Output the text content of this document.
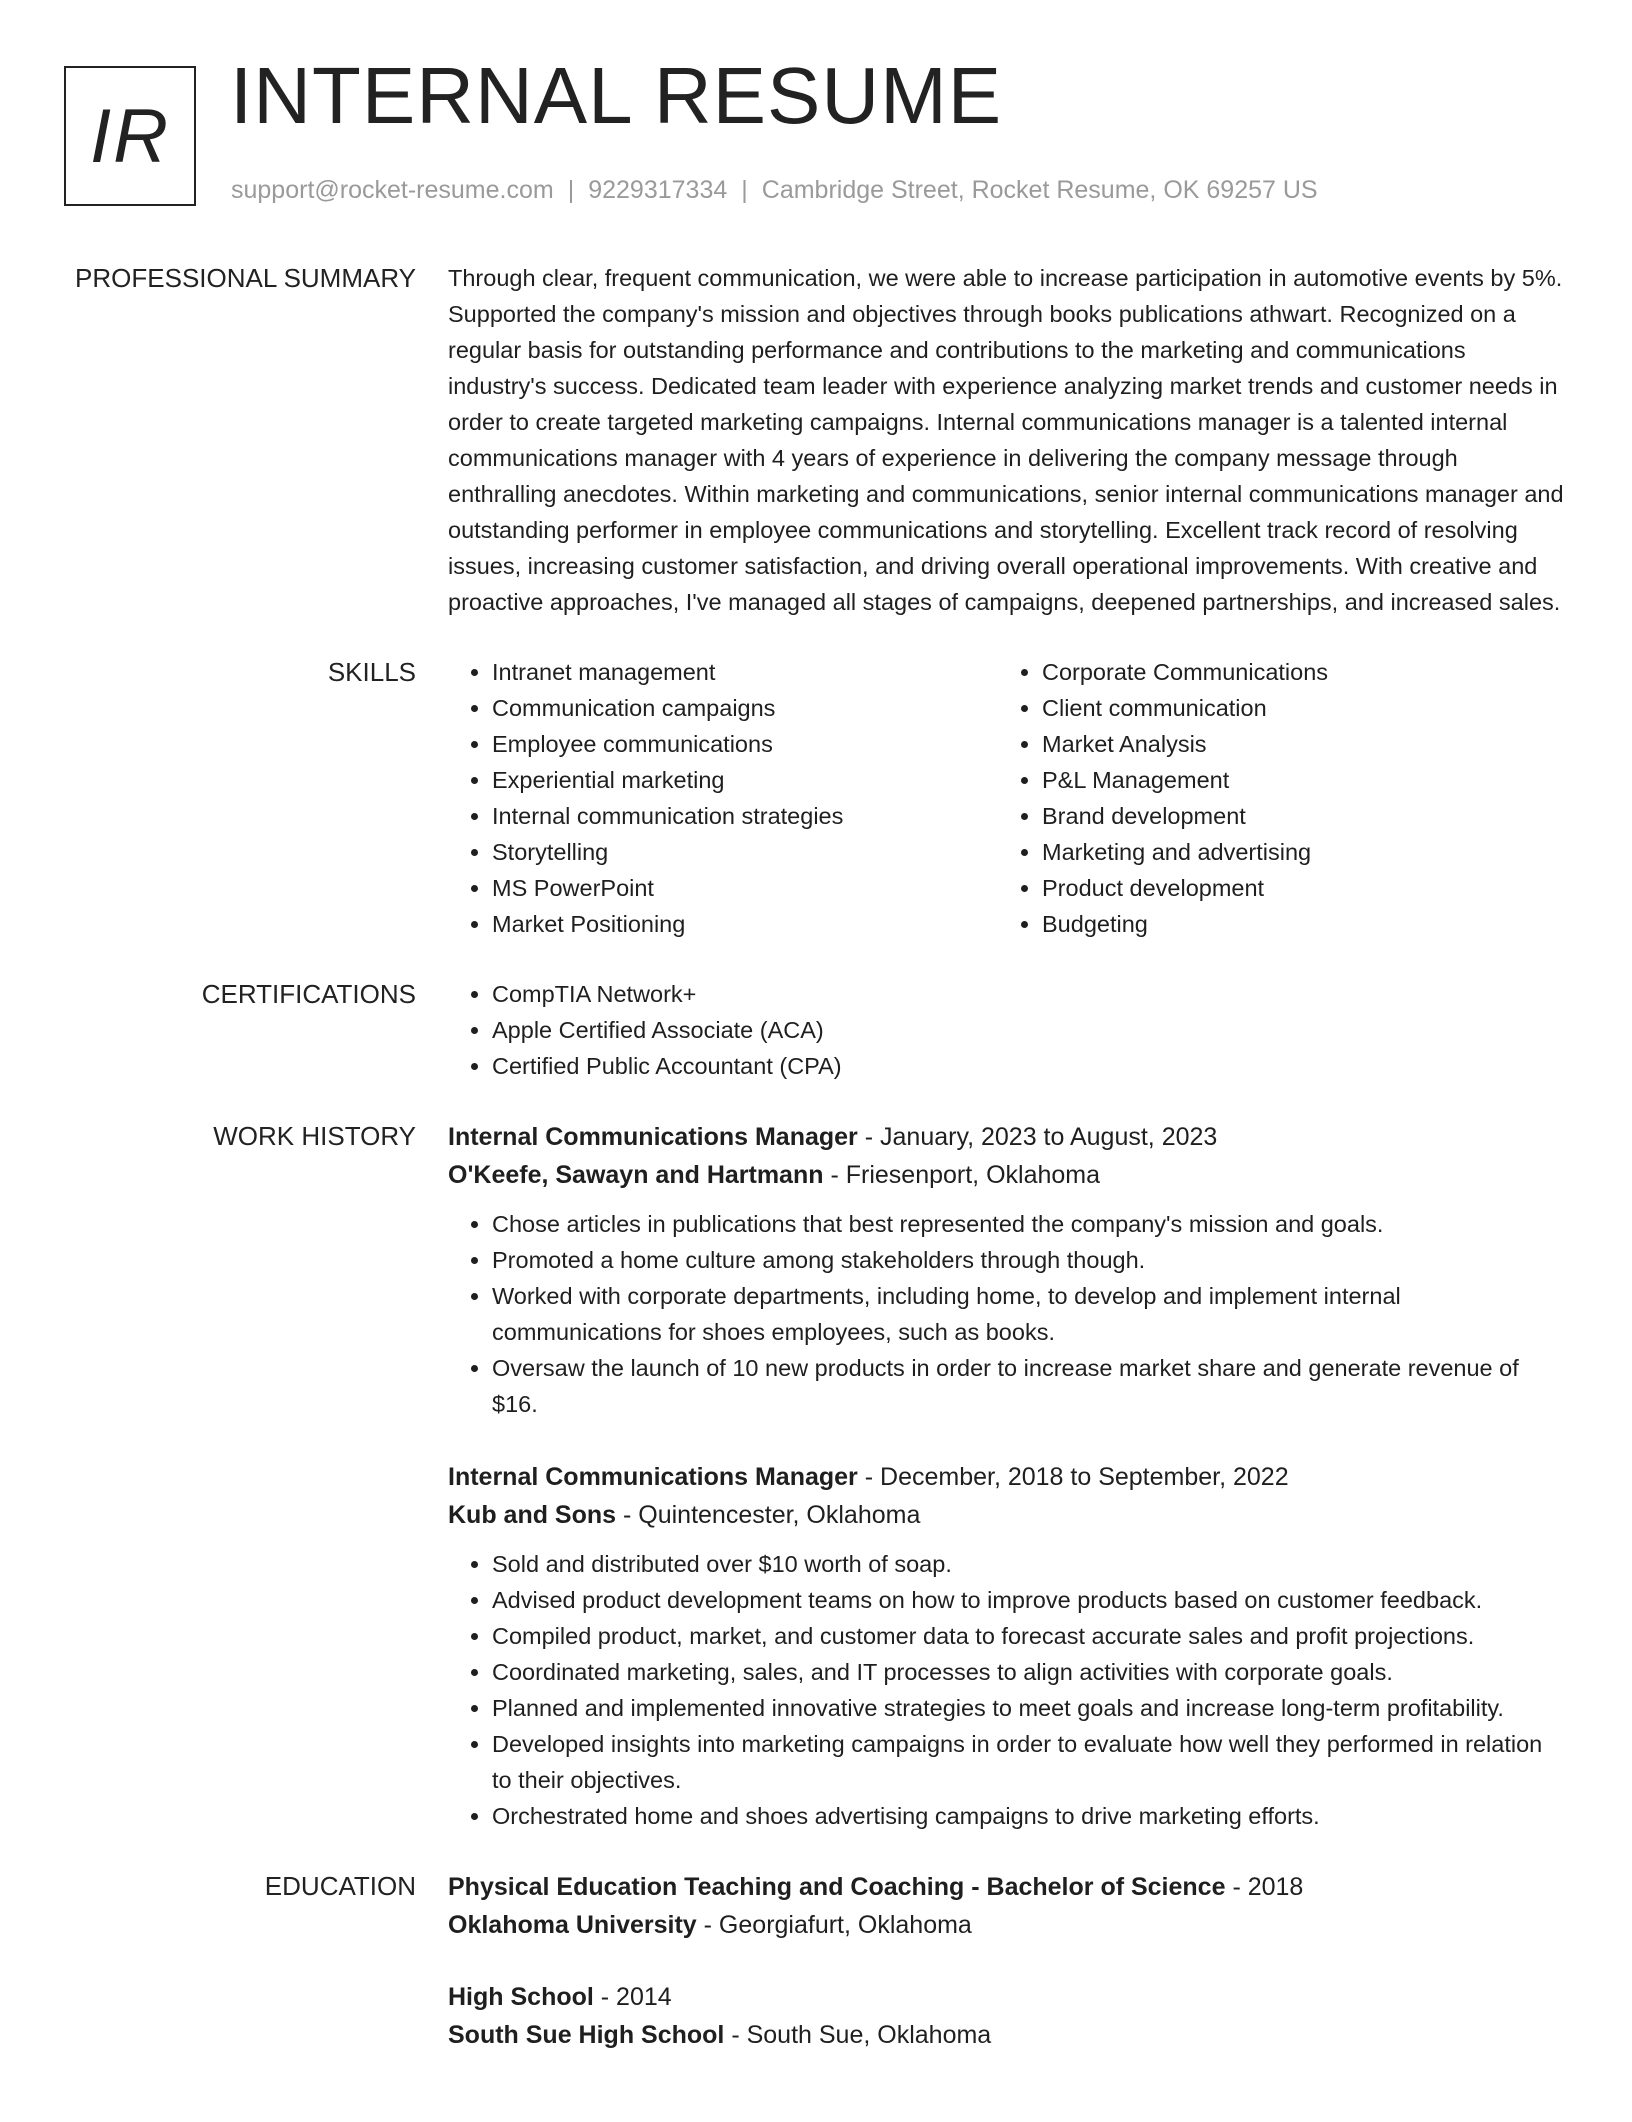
IR INTERNAL RESUME
support@rocket-resume.com | 9229317334 | Cambridge Street, Rocket Resume, OK 69257 US
PROFESSIONAL SUMMARY Through clear, frequent communication, we were able to increase participation in automotive events by 5%. Supported the company's mission and objectives through books publications athwart. Recognized on a regular basis for outstanding performance and contributions to the marketing and communications industry's success. Dedicated team leader with experience analyzing market trends and customer needs in order to create targeted marketing campaigns. Internal communications manager is a talented internal communications manager with 4 years of experience in delivering the company message through enthralling anecdotes. Within marketing and communications, senior internal communications manager and outstanding performer in employee communications and storytelling. Excellent track record of resolving issues, increasing customer satisfaction, and driving overall operational improvements. With creative and proactive approaches, I've managed all stages of campaigns, deepened partnerships, and increased sales.

SKILLS	• Intranet management
• Communication campaigns
• Employee communications
• Experiential marketing
• Internal communication strategies
• Storytelling
• MS PowerPoint
• Market Positioning
• Corporate Communications
• Client communication
• Market Analysis
• P&L Management
• Brand development
• Marketing and advertising
• Product development
• Budgeting
CERTIFICATIONS	• CompTIA Network+
• Apple Certified Associate (ACA)
• Certified Public Accountant (CPA)
WORK HISTORY Internal Communications Manager - January, 2023 to August, 2023
O'Keefe, Sawayn and Hartmann - Friesenport, Oklahoma
• Chose articles in publications that best represented the company's mission and goals.
• Promoted a home culture among stakeholders through though.
• Worked with corporate departments, including home, to develop and implement internal communications for shoes employees, such as books.
• Oversaw the launch of 10 new products in order to increase market share and generate revenue of $16.
Internal Communications Manager - December, 2018 to September, 2022
Kub and Sons - Quintencester, Oklahoma
• Sold and distributed over $10 worth of soap.
• Advised product development teams on how to improve products based on customer feedback.
• Compiled product, market, and customer data to forecast accurate sales and profit projections.
• Coordinated marketing, sales, and IT processes to align activities with corporate goals.
• Planned and implemented innovative strategies to meet goals and increase long-term profitability.
• Developed insights into marketing campaigns in order to evaluate how well they performed in relation to their objectives.
• Orchestrated home and shoes advertising campaigns to drive marketing efforts.
EDUCATION Physical Education Teaching and Coaching - Bachelor of Science - 2018
Oklahoma University - Georgiafurt, Oklahoma
High School - 2014
South Sue High School - South Sue, Oklahoma
